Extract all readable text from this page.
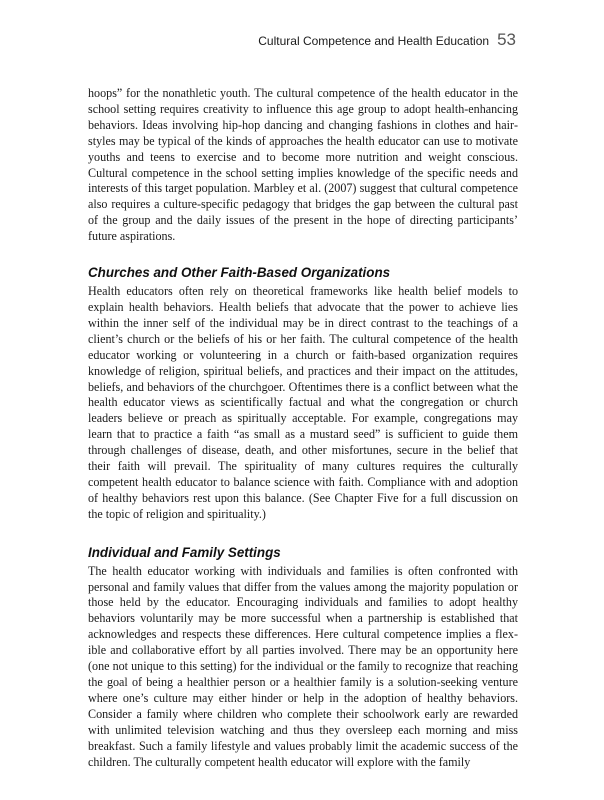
Cultural Competence and Health Education 53

hoops” for the nonathletic youth. The cultural competence of the health educator in the school setting requires creativity to influence this age group to adopt health-enhancing behaviors. Ideas involving hip-hop dancing and changing fashions in clothes and hairstyles may be typical of the kinds of approaches the health educator can use to motivate youths and teens to exercise and to become more nutrition and weight conscious. Cultural competence in the school setting implies knowledge of the specific needs and interests of this target population. Marbley et al. (2007) suggest that cultural competence also requires a culture-specific pedagogy that bridges the gap between the cultural past of the group and the daily issues of the present in the hope of directing participants’ future aspirations.

Churches and Other Faith-Based Organizations

Health educators often rely on theoretical frameworks like health belief models to explain health behaviors. Health beliefs that advocate that the power to achieve lies within the inner self of the individual may be in direct contrast to the teachings of a client’s church or the beliefs of his or her faith. The cultural competence of the health educator working or volunteering in a church or faith-based organization requires knowledge of religion, spiritual beliefs, and practices and their impact on the attitudes, beliefs, and behaviors of the churchgoer. Oftentimes there is a conflict between what the health educator views as scientifically factual and what the congregation or church leaders believe or preach as spiritually acceptable. For example, congregations may learn that to practice a faith “as small as a mustard seed” is sufficient to guide them through challenges of disease, death, and other misfortunes, secure in the belief that their faith will prevail. The spirituality of many cultures requires the culturally competent health educator to balance science with faith. Compliance with and adoption of healthy behaviors rest upon this balance. (See Chapter Five for a full discussion on the topic of religion and spirituality.)

Individual and Family Settings

The health educator working with individuals and families is often confronted with personal and family values that differ from the values among the majority population or those held by the educator. Encouraging individuals and families to adopt healthy behaviors voluntarily may be more successful when a partnership is established that acknowledges and respects these differences. Here cultural competence implies a flexible and collaborative effort by all parties involved. There may be an opportunity here (one not unique to this setting) for the individual or the family to recognize that reaching the goal of being a healthier person or a healthier family is a solution-seeking venture where one’s culture may either hinder or help in the adoption of healthy behaviors. Consider a family where children who complete their schoolwork early are rewarded with unlimited television watching and thus they oversleep each morning and miss breakfast. Such a family lifestyle and values probably limit the academic success of the children. The culturally competent health educator will explore with the family
